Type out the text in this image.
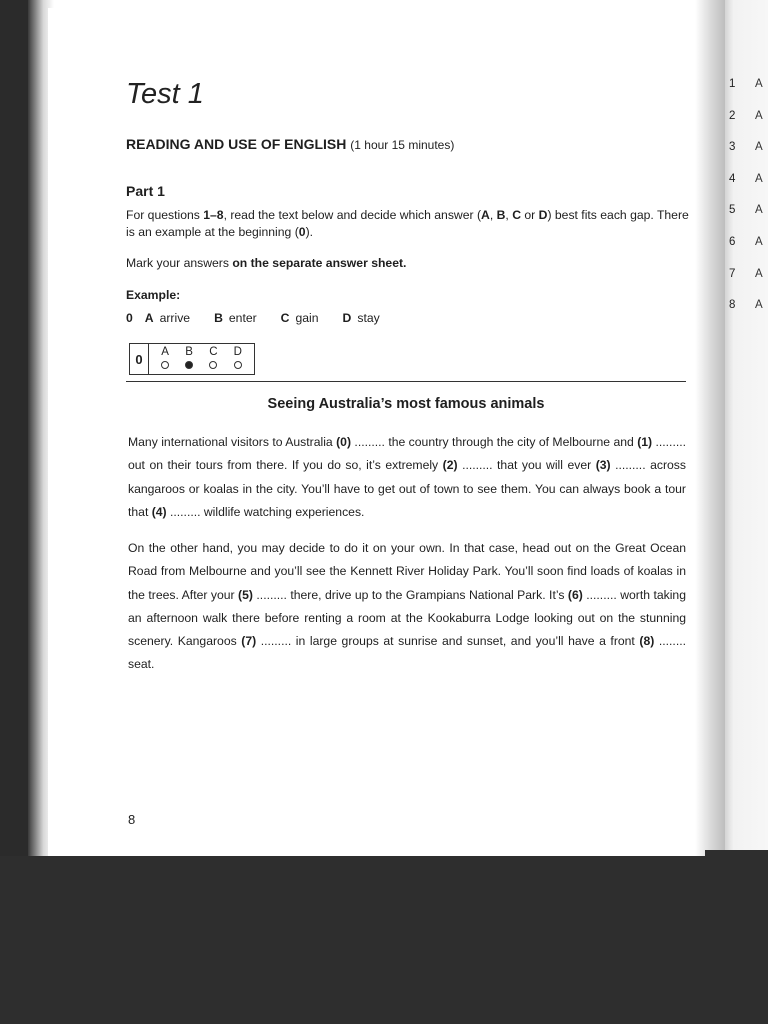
Test 1
READING AND USE OF ENGLISH (1 hour 15 minutes)
Part 1
For questions 1–8, read the text below and decide which answer (A, B, C or D) best fits each gap. There is an example at the beginning (0).
Mark your answers on the separate answer sheet.
Example:
0 A arrive B enter C gain D stay
0	A B C D
Seeing Australia’s most famous animals

Many international visitors to Australia (0) ......... the country through the city of Melbourne and (1) ......... out on their tours from there. If you do so, it’s extremely (2) ......... that you will ever (3) ......... across kangaroos or koalas in the city. You’ll have to get out of town to see them. You can always book a tour that (4) ......... wildlife watching experiences.

On the other hand, you may decide to do it on your own. In that case, head out on the Great Ocean Road from Melbourne and you’ll see the Kennett River Holiday Park. You’ll soon find loads of koalas in the trees. After your (5) ......... there, drive up to the Grampians National Park. It’s (6) ......... worth taking an afternoon walk there before renting a room at the Kookaburra Lodge looking out on the stunning scenery. Kangaroos (7) ......... in large groups at sunrise and sunset, and you’ll have a front (8) ........ seat.

8
1	A
2	A
3	A
4	A
5	A
6	A
7	A
8	A
